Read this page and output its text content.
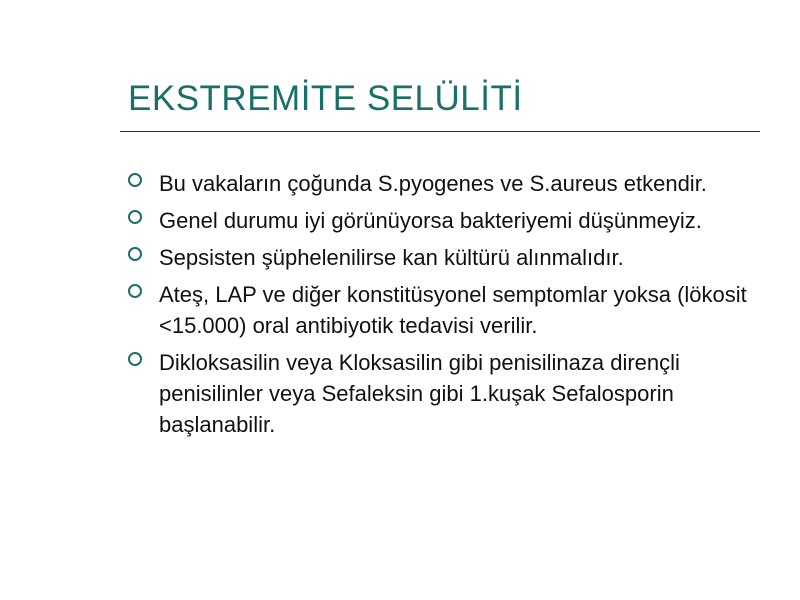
EKSTREMİTE SELÜLİTİ
Bu vakaların çoğunda S.pyogenes ve S.aureus etkendir.
Genel durumu iyi görünüyorsa bakteriyemi düşünmeyiz.
Sepsisten şüphelenilirse kan kültürü alınmalıdır.
Ateş, LAP ve diğer konstitüsyonel semptomlar yoksa (lökosit <15.000) oral antibiyotik tedavisi verilir.
Dikloksasilin veya Kloksasilin gibi penisilinaza dirençli penisilinler veya Sefaleksin gibi 1.kuşak Sefalosporin başlanabilir.
